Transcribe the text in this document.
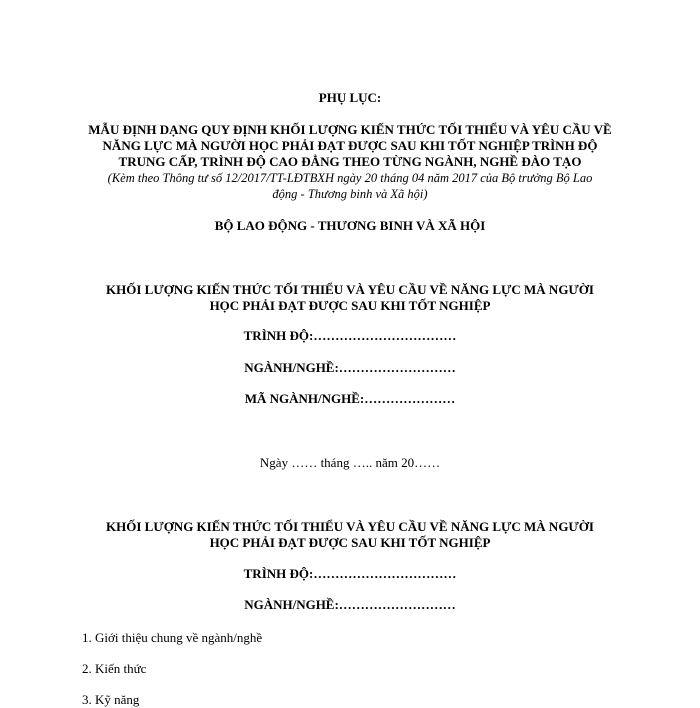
PHỤ LỤC:
MẪU ĐỊNH DẠNG QUY ĐỊNH KHỐI LƯỢNG KIẾN THỨC TỐI THIỂU VÀ YÊU CẦU VỀ
NĂNG LỰC MÀ NGƯỜI HỌC PHẢI ĐẠT ĐƯỢC SAU KHI TỐT NGHIỆP TRÌNH ĐỘ
TRUNG CẤP, TRÌNH ĐỘ CAO ĐẲNG THEO TỪNG NGÀNH, NGHỀ ĐÀO TẠO
(Kèm theo Thông tư số 12/2017/TT-LĐTBXH ngày 20 tháng 04 năm 2017 của Bộ trưởng Bộ Lao
động - Thương binh và Xã hội)
BỘ LAO ĐỘNG - THƯƠNG BINH VÀ XÃ HỘI
KHỐI LƯỢNG KIẾN THỨC TỐI THIỂU VÀ YÊU CẦU VỀ NĂNG LỰC MÀ NGƯỜI
HỌC PHẢI ĐẠT ĐƯỢC SAU KHI TỐT NGHIỆP
TRÌNH ĐỘ:……………………………
NGÀNH/NGHỀ:………………………
MÃ NGÀNH/NGHỀ:…………………
Ngày …… tháng ….. năm 20……
KHỐI LƯỢNG KIẾN THỨC TỐI THIỂU VÀ YÊU CẦU VỀ NĂNG LỰC MÀ NGƯỜI
HỌC PHẢI ĐẠT ĐƯỢC SAU KHI TỐT NGHIỆP
TRÌNH ĐỘ:……………………………
NGÀNH/NGHỀ:………………………
1. Giới thiệu chung về ngành/nghề
2. Kiến thức
3. Kỹ năng
